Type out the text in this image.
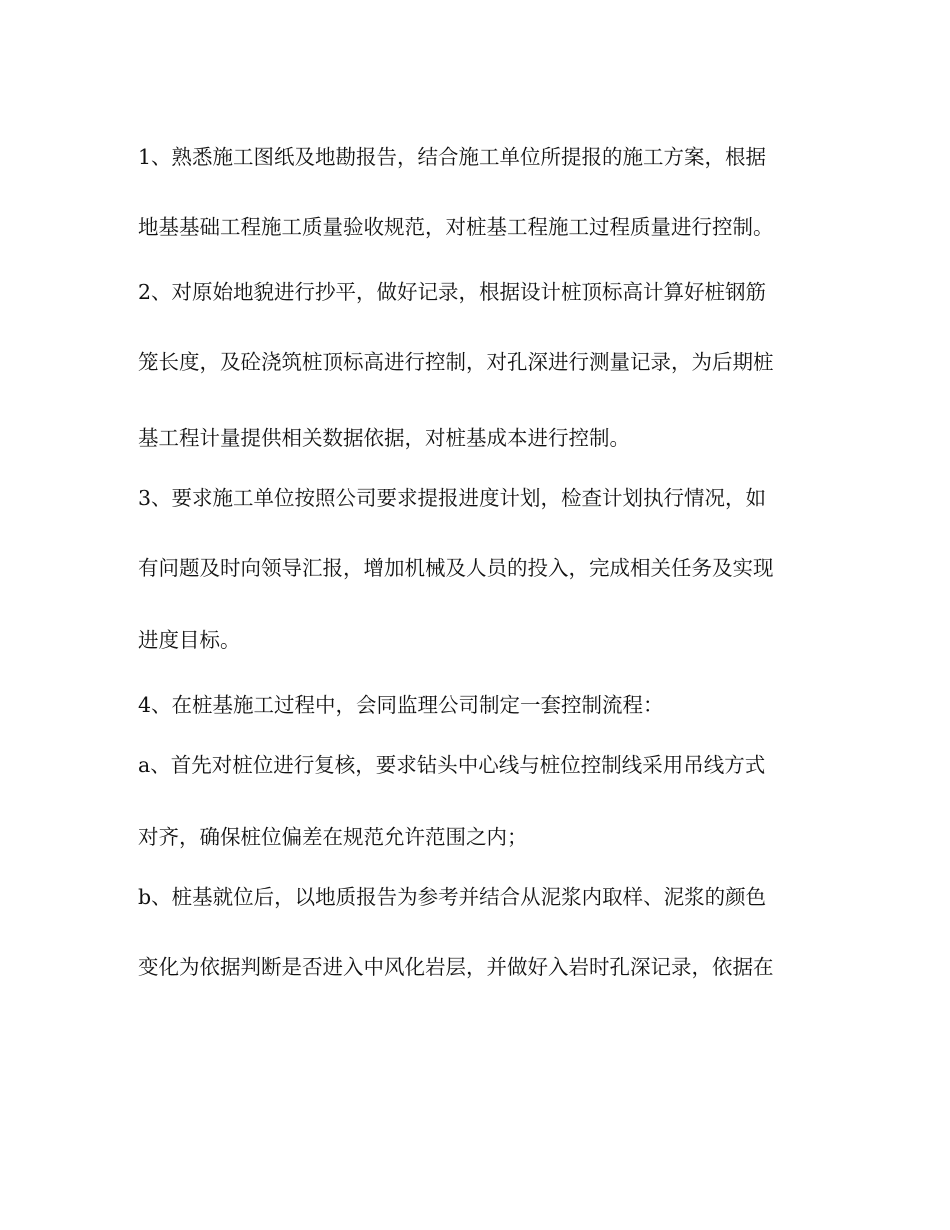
1、熟悉施工图纸及地勘报告，结合施工单位所提报的施工方案，根据
地基基础工程施工质量验收规范，对桩基工程施工过程质量进行控制。
2、对原始地貌进行抄平，做好记录，根据设计桩顶标高计算好桩钢筋
笼长度，及砼浇筑桩顶标高进行控制，对孔深进行测量记录，为后期桩
基工程计量提供相关数据依据，对桩基成本进行控制。
3、要求施工单位按照公司要求提报进度计划，检查计划执行情况，如
有问题及时向领导汇报，增加机械及人员的投入，完成相关任务及实现
进度目标。
4、在桩基施工过程中，会同监理公司制定一套控制流程：
a、首先对桩位进行复核，要求钻头中心线与桩位控制线采用吊线方式
对齐，确保桩位偏差在规范允许范围之内；
b、桩基就位后，以地质报告为参考并结合从泥浆内取样、泥浆的颜色
变化为依据判断是否进入中风化岩层，并做好入岩时孔深记录，依据在
